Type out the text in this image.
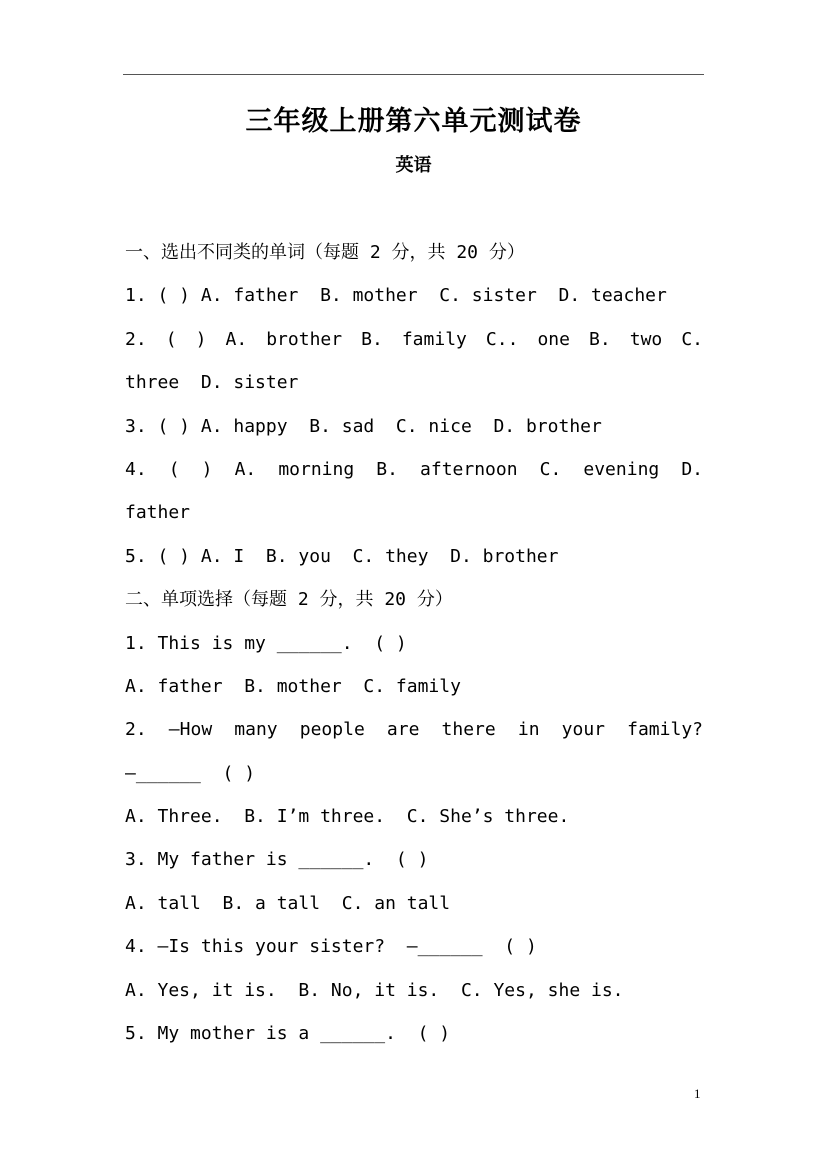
三年级上册第六单元测试卷
英语
一、选出不同类的单词（每题 2 分，共 20 分）
1. ( ) A. father  B. mother  C. sister  D. teacher
2. ( ) A. brother B. family C.. one B. two C.
three  D. sister
3. ( ) A. happy  B. sad  C. nice  D. brother
4. ( ) A. morning B. afternoon C. evening D.
father
5. ( ) A. I  B. you  C. they  D. brother
二、单项选择（每题 2 分，共 20 分）
1. This is my ______.  ( )
A. father  B. mother  C. family
2. —How many people are there in your family?
—______  ( )
A. Three.  B. I’m three.  C. She’s three.
3. My father is ______.  ( )
A. tall  B. a tall  C. an tall
4. —Is this your sister?  —______  ( )
A. Yes, it is.  B. No, it is.  C. Yes, she is.
5. My mother is a ______.  ( )
1
